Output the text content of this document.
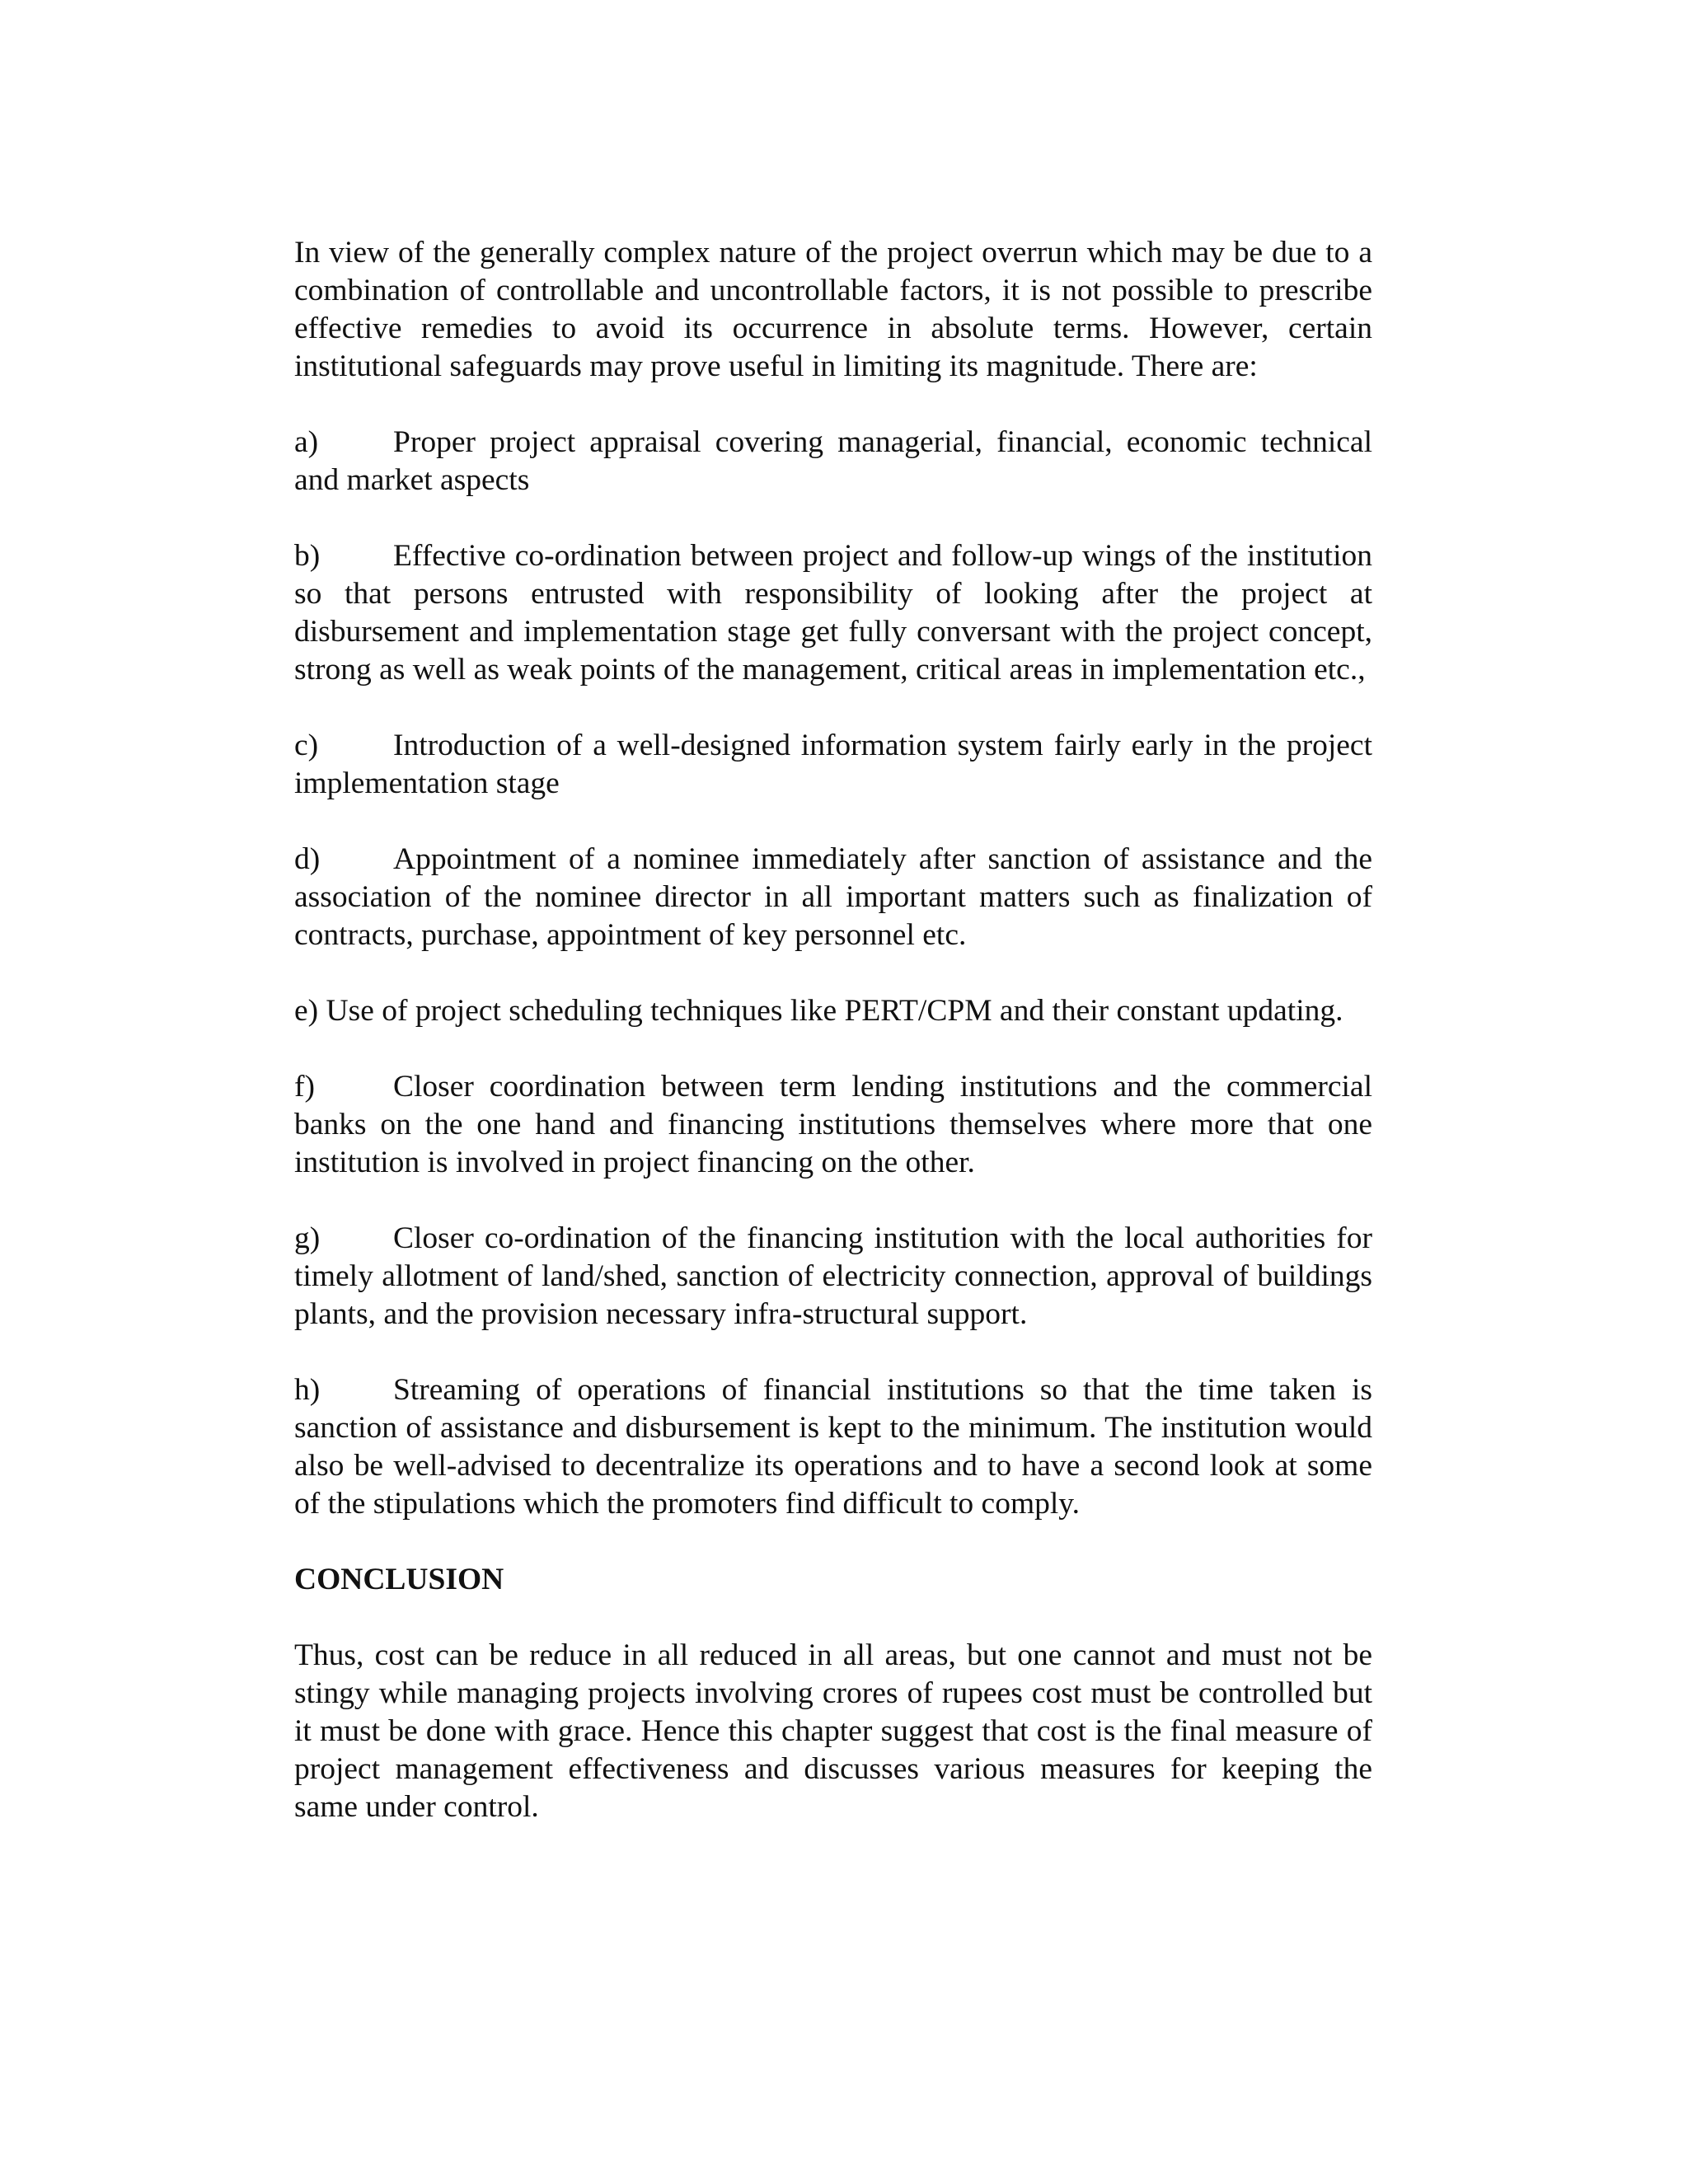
In view of the generally complex nature of the project overrun which may be due to a combination of controllable and uncontrollable factors, it is not possible to prescribe effective remedies to avoid its occurrence in absolute terms. However, certain institutional safeguards may prove useful in limiting its magnitude. There are:

a) Proper project appraisal covering managerial, financial, economic technical and market aspects

b) Effective co-ordination between project and follow-up wings of the institution so that persons entrusted with responsibility of looking after the project at disbursement and implementation stage get fully conversant with the project concept, strong as well as weak points of the management, critical areas in implementation etc.,

c) Introduction of a well-designed information system fairly early in the project implementation stage

d) Appointment of a nominee immediately after sanction of assistance and the association of the nominee director in all important matters such as finalization of contracts, purchase, appointment of key personnel etc.

e) Use of project scheduling techniques like PERT/CPM and their constant updating.

f)	Closer coordination between term lending institutions and the commercial banks on the one hand and financing institutions themselves where more that one institution is involved in project financing on the other.

g) Closer co-ordination of the financing institution with the local authorities for timely allotment of land/shed, sanction of electricity connection, approval of buildings plants, and the provision necessary infra-structural support.

h) Streaming of operations of financial institutions so that the time taken is sanction of assistance and disbursement is kept to the minimum. The institution would also be well-advised to decentralize its operations and to have a second look at some of the stipulations which the promoters find difficult to comply.

CONCLUSION

Thus, cost can be reduce in all reduced in all areas, but one cannot and must not be stingy while managing projects involving crores of rupees cost must be controlled but it must be done with grace. Hence this chapter suggest that cost is the final measure of project management effectiveness and discusses various measures for keeping the same under control.
